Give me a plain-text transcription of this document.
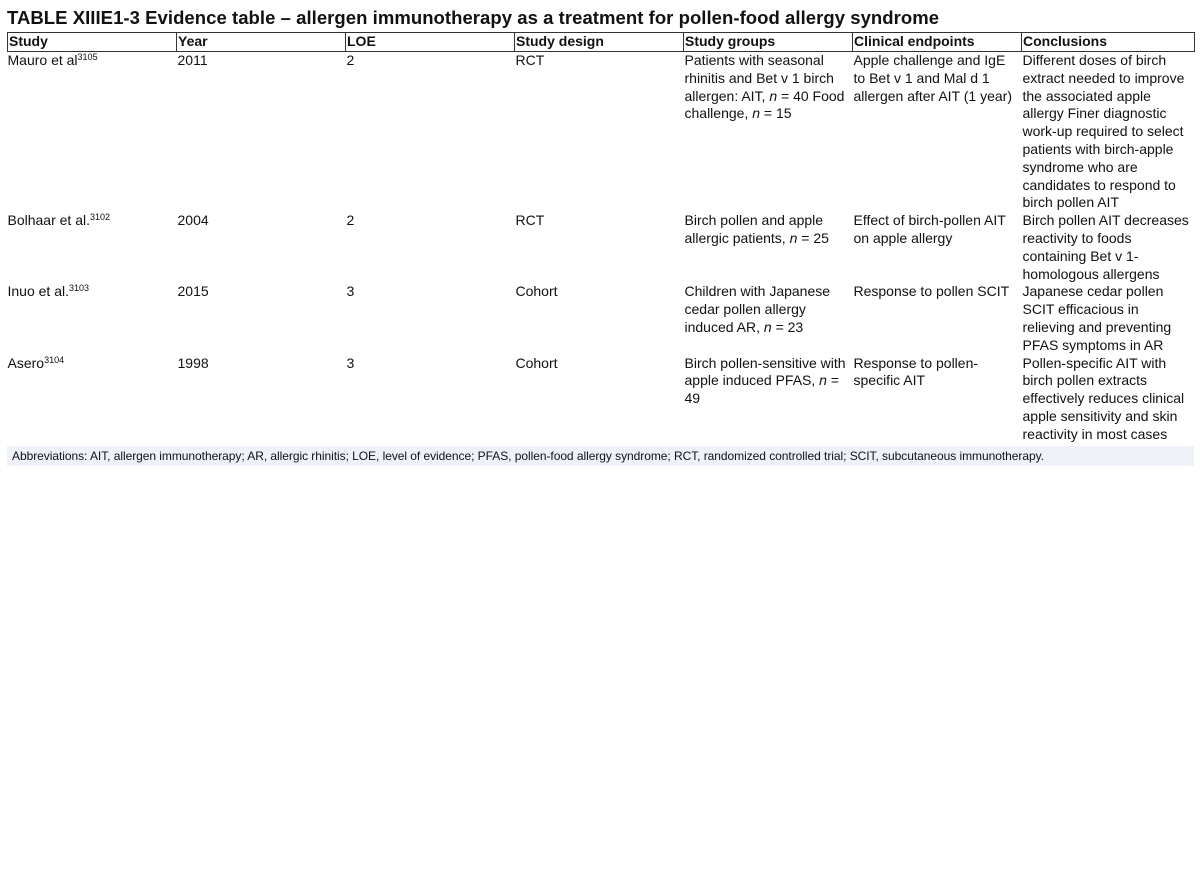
TABLE XIIIE1-3 Evidence table – allergen immunotherapy as a treatment for pollen-food allergy syndrome
Study	Year	LOE	Study design	Study groups	Clinical endpoints	Conclusions
Mauro et $al^{3105}$	2011	2	RCT	Patients with seasonal rhinitis and Bet v 1 birch allergen: AIT, n = 40 Food challenge, n = 15	Apple challenge and IgE to Bet v 1 and Mal d 1 allergen after AIT (1 year)	Different doses of birch extract needed to improve the associated apple allergy Finer diagnostic work-up required to select patients with birch-apple syndrome who are candidates to respond to birch pollen AIT
Bolhaar et al.$^{3102}$	2004	2	RCT	Birch pollen and apple allergic patients, n = 25	Effect of birch-pollen AIT on apple allergy	Birch pollen AIT decreases reactivity to foods containing Bet v 1-homologous allergens
Inuo et al.$^{3103}$	2015	3	Cohort	Children with Japanese cedar pollen allergy induced AR, n = 23	Response to pollen SCIT	Japanese cedar pollen SCIT efficacious in relieving and preventing PFAS symptoms in AR
Asero$^{3104}$	1998	3	Cohort	Birch pollen-sensitive with apple induced PFAS, n = 49	Response to pollen-specific AIT	Pollen-specific AIT with birch pollen extracts effectively reduces clinical apple sensitivity and skin reactivity in most cases
Abbreviations: AIT, allergen immunotherapy; AR, allergic rhinitis; LOE, level of evidence; PFAS, pollen-food allergy syndrome; RCT, randomized controlled trial; SCIT, subcutaneous immunotherapy.
